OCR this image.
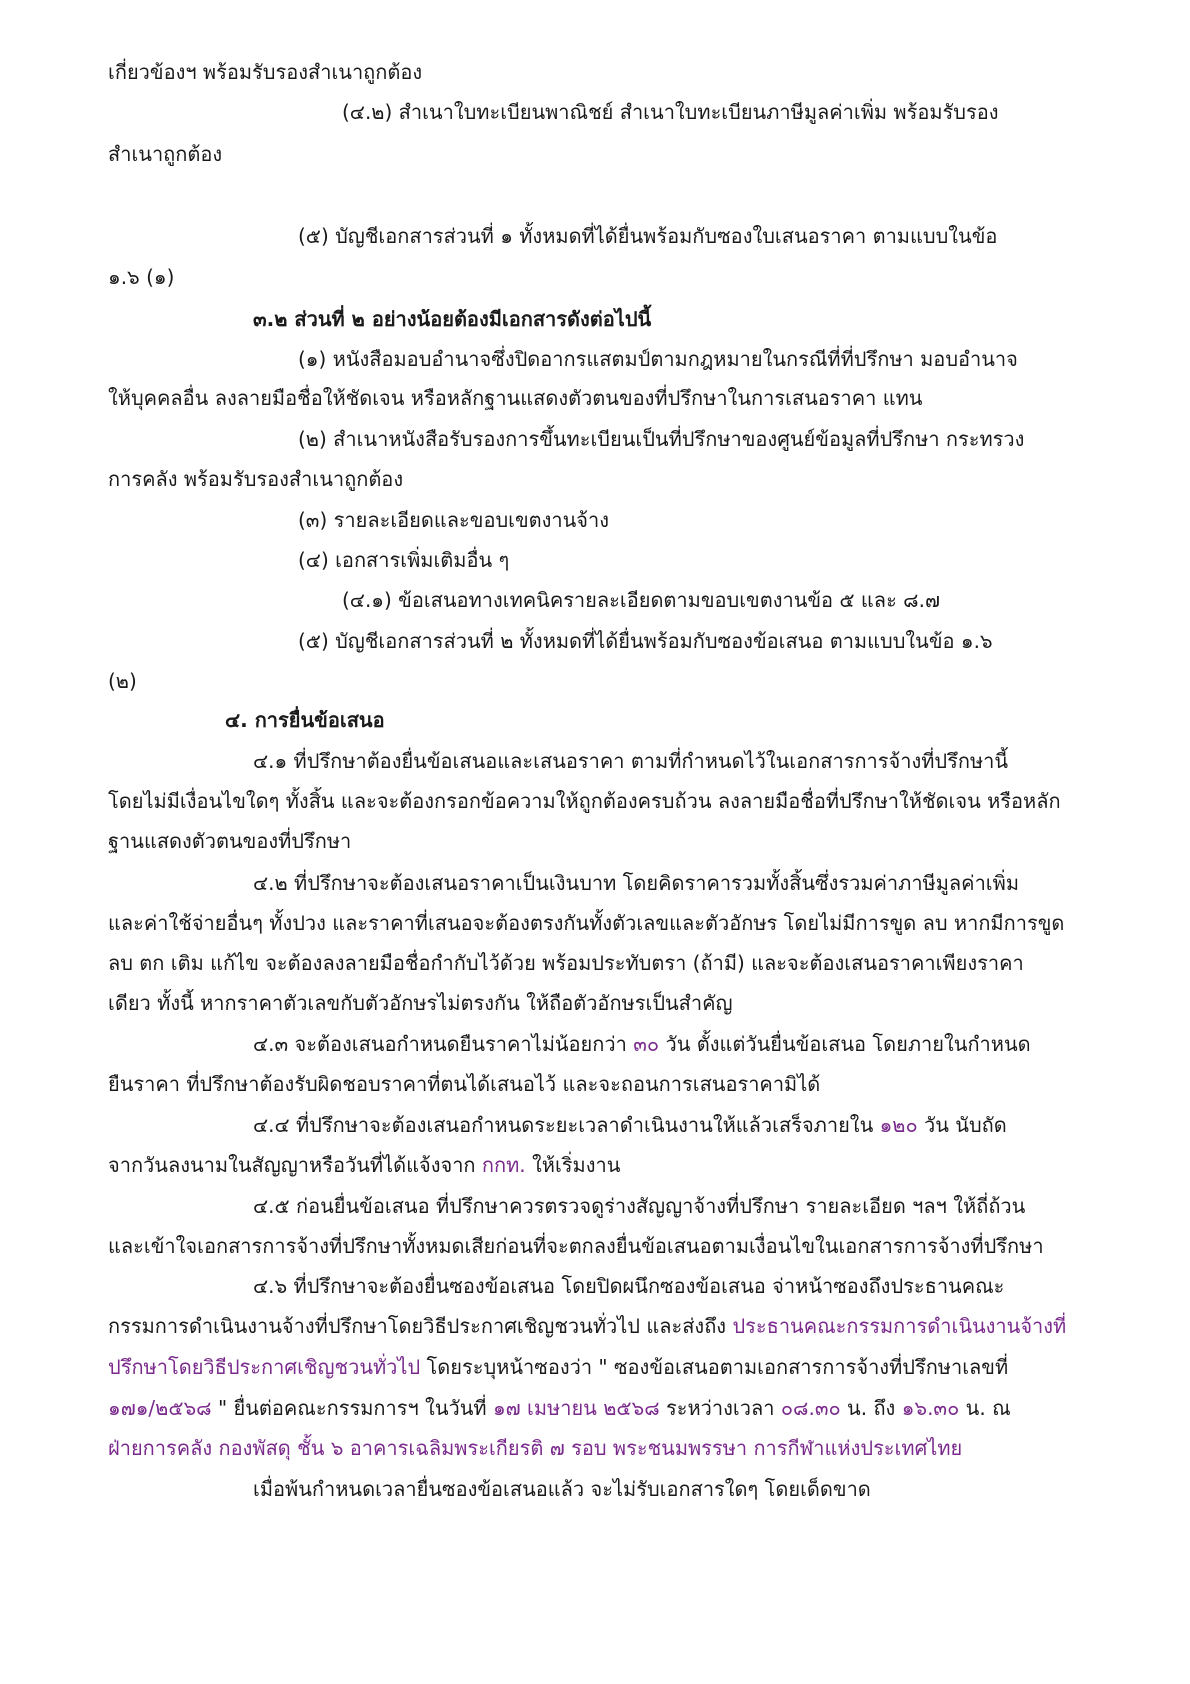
เกี่ยวข้องฯ พร้อมรับรองสำเนาถูกต้อง
(๔.๒) สำเนาใบทะเบียนพาณิชย์ สำเนาใบทะเบียนภาษีมูลค่าเพิ่ม พร้อมรับรอง
สำเนาถูกต้อง
(๕) บัญชีเอกสารส่วนที่ ๑ ทั้งหมดที่ได้ยื่นพร้อมกับซองใบเสนอราคา ตามแบบในข้อ
๑.๖ (๑)
๓.๒ ส่วนที่ ๒ อย่างน้อยต้องมีเอกสารดังต่อไปนี้
(๑) หนังสือมอบอำนาจซึ่งปิดอากรแสตมป์ตามกฎหมายในกรณีที่ที่ปรึกษา มอบอำนาจ
ให้บุคคลอื่น ลงลายมือชื่อให้ชัดเจน หรือหลักฐานแสดงตัวตนของที่ปรึกษาในการเสนอราคา แทน
(๒) สำเนาหนังสือรับรองการขึ้นทะเบียนเป็นที่ปรึกษาของศูนย์ข้อมูลที่ปรึกษา กระทรวง
การคลัง พร้อมรับรองสำเนาถูกต้อง
(๓) รายละเอียดและขอบเขตงานจ้าง
(๔) เอกสารเพิ่มเติมอื่น ๆ
(๔.๑) ข้อเสนอทางเทคนิครายละเอียดตามขอบเขตงานข้อ ๕ และ ๘.๗
(๕) บัญชีเอกสารส่วนที่ ๒ ทั้งหมดที่ได้ยื่นพร้อมกับซองข้อเสนอ ตามแบบในข้อ ๑.๖
(๒)
๔. การยื่นข้อเสนอ
๔.๑ ที่ปรึกษาต้องยื่นข้อเสนอและเสนอราคา ตามที่กำหนดไว้ในเอกสารการจ้างที่ปรึกษานี้
โดยไม่มีเงื่อนไขใดๆ ทั้งสิ้น และจะต้องกรอกข้อความให้ถูกต้องครบถ้วน ลงลายมือชื่อที่ปรึกษาให้ชัดเจน หรือหลัก
ฐานแสดงตัวตนของที่ปรึกษา
๔.๒ ที่ปรึกษาจะต้องเสนอราคาเป็นเงินบาท โดยคิดราคารวมทั้งสิ้นซึ่งรวมค่าภาษีมูลค่าเพิ่ม
และค่าใช้จ่ายอื่นๆ ทั้งปวง และราคาที่เสนอจะต้องตรงกันทั้งตัวเลขและตัวอักษร โดยไม่มีการขูด ลบ หากมีการขูด
ลบ ตก เติม แก้ไข จะต้องลงลายมือชื่อกำกับไว้ด้วย พร้อมประทับตรา (ถ้ามี) และจะต้องเสนอราคาเพียงราคา
เดียว ทั้งนี้ หากราคาตัวเลขกับตัวอักษรไม่ตรงกัน ให้ถือตัวอักษรเป็นสำคัญ
๔.๓ จะต้องเสนอกำหนดยืนราคาไม่น้อยกว่า ๓๐ วัน ตั้งแต่วันยื่นข้อเสนอ โดยภายในกำหนด
ยืนราคา ที่ปรึกษาต้องรับผิดชอบราคาที่ตนได้เสนอไว้ และจะถอนการเสนอราคามิได้
๔.๔ ที่ปรึกษาจะต้องเสนอกำหนดระยะเวลาดำเนินงานให้แล้วเสร็จภายใน ๑๒๐ วัน นับถัด
จากวันลงนามในสัญญาหรือวันที่ได้แจ้งจาก กกท. ให้เริ่มงาน
๔.๕ ก่อนยื่นข้อเสนอ ที่ปรึกษาควรตรวจดูร่างสัญญาจ้างที่ปรึกษา รายละเอียด ฯลฯ ให้ถี่ถ้วน
และเข้าใจเอกสารการจ้างที่ปรึกษาทั้งหมดเสียก่อนที่จะตกลงยื่นข้อเสนอตามเงื่อนไขในเอกสารการจ้างที่ปรึกษา
๔.๖ ที่ปรึกษาจะต้องยื่นซองข้อเสนอ โดยปิดผนึกซองข้อเสนอ จ่าหน้าซองถึงประธานคณะ
กรรมการดำเนินงานจ้างที่ปรึกษาโดยวิธีประกาศเชิญชวนทั่วไป และส่งถึง ประธานคณะกรรมการดำเนินงานจ้างที่
ปรึกษาโดยวิธีประกาศเชิญชวนทั่วไป โดยระบุหน้าซองว่า " ซองข้อเสนอตามเอกสารการจ้างที่ปรึกษาเลขที่
๑๗๑/๒๕๖๘ " ยื่นต่อคณะกรรมการฯ ในวันที่ ๑๗ เมษายน ๒๕๖๘ ระหว่างเวลา ๐๘.๓๐ น. ถึง ๑๖.๓๐ น. ณ
ฝ่ายการคลัง กองพัสดุ ชั้น ๖ อาคารเฉลิมพระเกียรติ ๗ รอบ พระชนมพรรษา การกีฬาแห่งประเทศไทย
เมื่อพ้นกำหนดเวลายื่นซองข้อเสนอแล้ว จะไม่รับเอกสารใดๆ โดยเด็ดขาด
